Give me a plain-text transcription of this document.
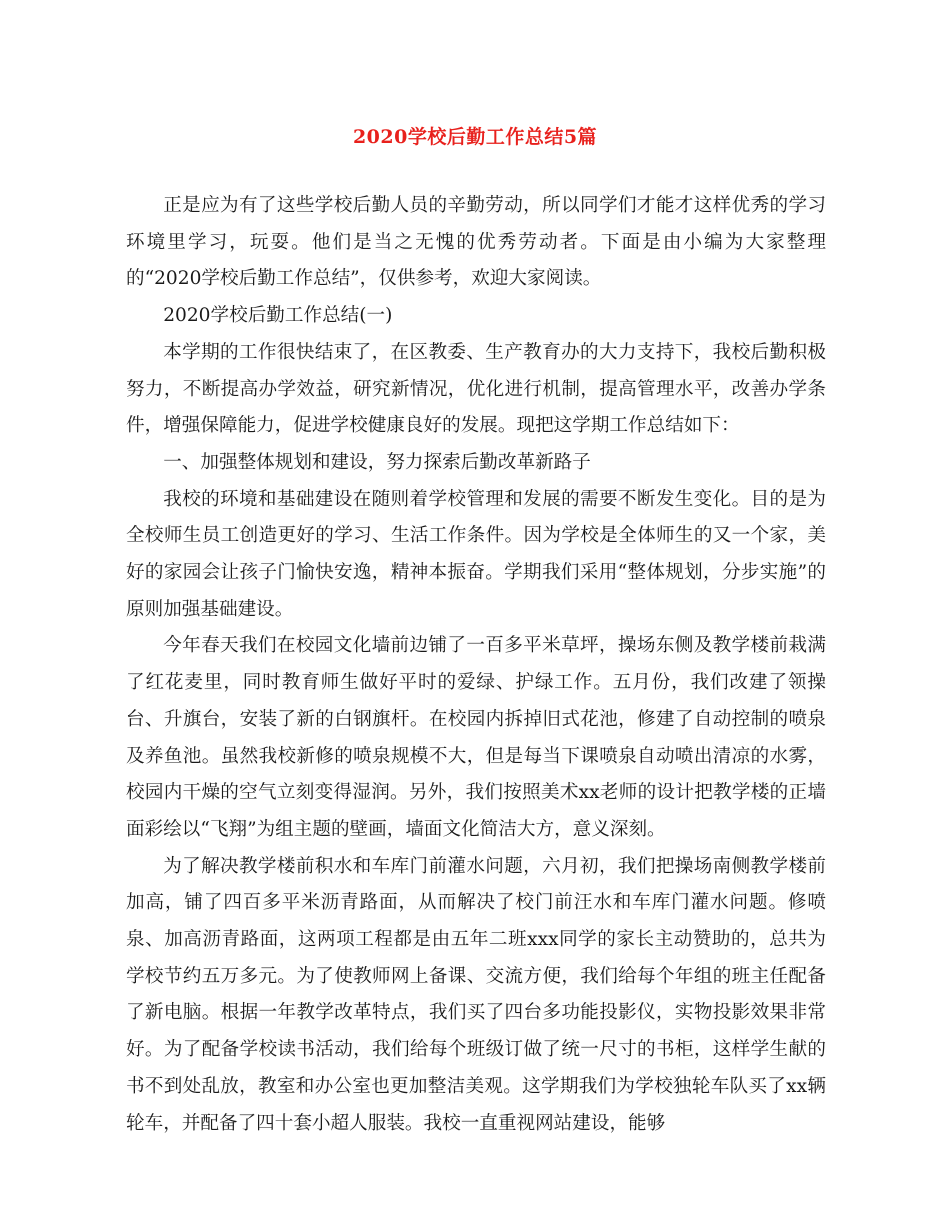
2020学校后勤工作总结5篇

正是应为有了这些学校后勤人员的辛勤劳动，所以同学们才能才这样优秀的学习环境里学习，玩耍。他们是当之无愧的优秀劳动者。下面是由小编为大家整理的“2020学校后勤工作总结”，仅供参考，欢迎大家阅读。

2020学校后勤工作总结(一)

本学期的工作很快结束了，在区教委、生产教育办的大力支持下，我校后勤积极努力，不断提高办学效益，研究新情况，优化进行机制，提高管理水平，改善办学条件，增强保障能力，促进学校健康良好的发展。现把这学期工作总结如下：

一、加强整体规划和建设，努力探索后勤改革新路子

我校的环境和基础建设在随则着学校管理和发展的需要不断发生变化。目的是为全校师生员工创造更好的学习、生活工作条件。因为学校是全体师生的又一个家，美好的家园会让孩子门愉快安逸，精神本振奋。学期我们采用“整体规划，分步实施”的原则加强基础建设。

今年春天我们在校园文化墙前边铺了一百多平米草坪，操场东侧及教学楼前栽满了红花麦里，同时教育师生做好平时的爱绿、护绿工作。五月份，我们改建了领操台、升旗台，安装了新的白钢旗杆。在校园内拆掉旧式花池，修建了自动控制的喷泉及养鱼池。虽然我校新修的喷泉规模不大，但是每当下课喷泉自动喷出清凉的水雾，校园内干燥的空气立刻变得湿润。另外，我们按照美术xx老师的设计把教学楼的正墙面彩绘以“飞翔”为组主题的壁画，墙面文化简洁大方，意义深刻。

为了解决教学楼前积水和车库门前灌水问题，六月初，我们把操场南侧教学楼前加高，铺了四百多平米沥青路面，从而解决了校门前汪水和车库门灌水问题。修喷泉、加高沥青路面，这两项工程都是由五年二班xxx同学的家长主动赞助的，总共为学校节约五万多元。为了使教师网上备课、交流方便，我们给每个年组的班主任配备了新电脑。根据一年教学改革特点，我们买了四台多功能投影仪，实物投影效果非常好。为了配备学校读书活动，我们给每个班级订做了统一尺寸的书柜，这样学生献的书不到处乱放，教室和办公室也更加整洁美观。这学期我们为学校独轮车队买了xx辆轮车，并配备了四十套小超人服装。我校一直重视网站建设，能够
